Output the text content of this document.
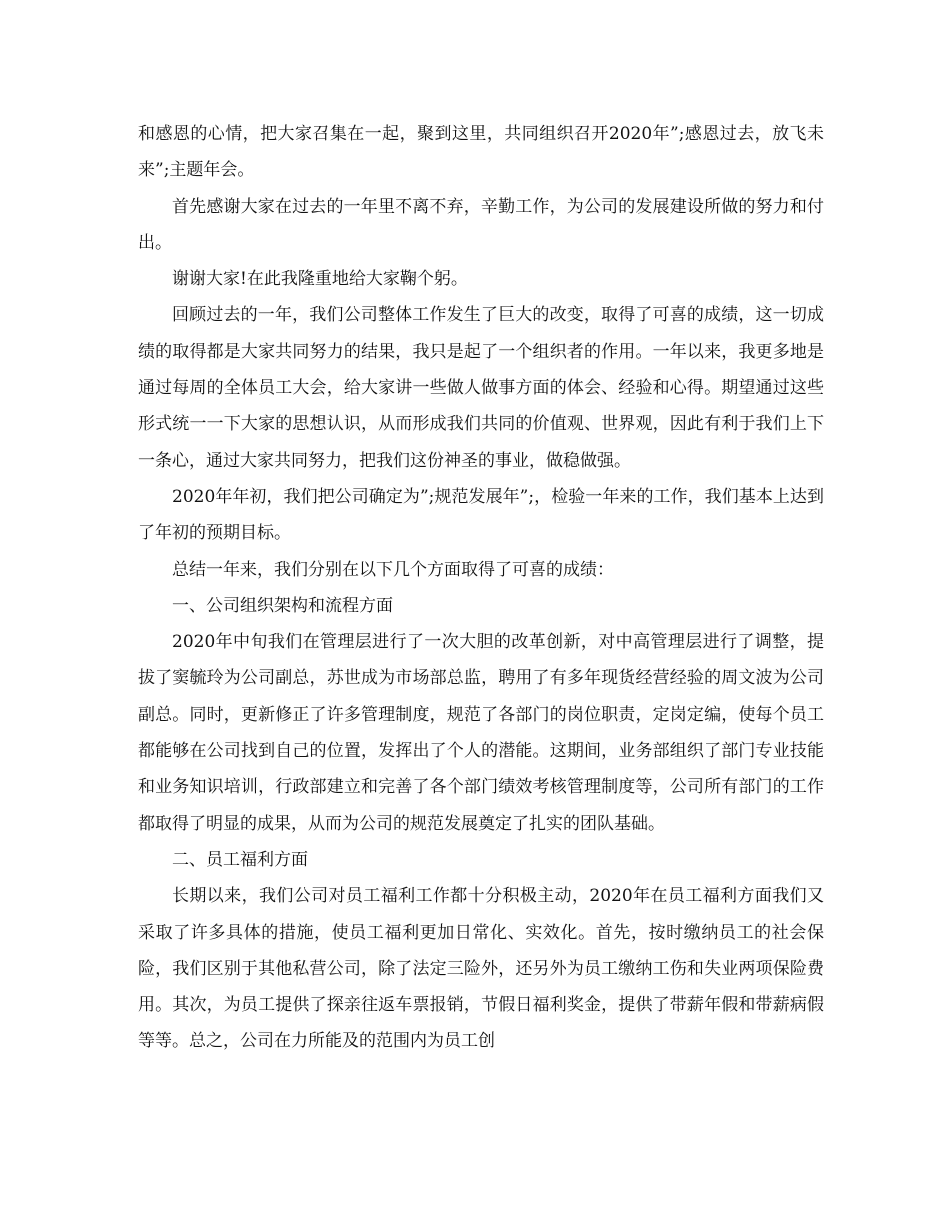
和感恩的心情，把大家召集在一起，聚到这里，共同组织召开2020年”;感恩过去，放飞未来”;主题年会。

首先感谢大家在过去的一年里不离不弃，辛勤工作，为公司的发展建设所做的努力和付出。

谢谢大家!在此我隆重地给大家鞠个躬。

回顾过去的一年，我们公司整体工作发生了巨大的改变，取得了可喜的成绩，这一切成绩的取得都是大家共同努力的结果，我只是起了一个组织者的作用。一年以来，我更多地是通过每周的全体员工大会，给大家讲一些做人做事方面的体会、经验和心得。期望通过这些形式统一一下大家的思想认识，从而形成我们共同的价值观、世界观，因此有利于我们上下一条心，通过大家共同努力，把我们这份神圣的事业，做稳做强。

2020年年初，我们把公司确定为”;规范发展年”;，检验一年来的工作，我们基本上达到了年初的预期目标。

总结一年来，我们分别在以下几个方面取得了可喜的成绩：

一、公司组织架构和流程方面

2020年中旬我们在管理层进行了一次大胆的改革创新，对中高管理层进行了调整，提拔了窦毓玲为公司副总，苏世成为市场部总监，聘用了有多年现货经营经验的周文波为公司副总。同时，更新修正了许多管理制度，规范了各部门的岗位职责，定岗定编，使每个员工都能够在公司找到自己的位置，发挥出了个人的潜能。这期间，业务部组织了部门专业技能和业务知识培训，行政部建立和完善了各个部门绩效考核管理制度等，公司所有部门的工作都取得了明显的成果，从而为公司的规范发展奠定了扎实的团队基础。

二、员工福利方面

长期以来，我们公司对员工福利工作都十分积极主动，2020年在员工福利方面我们又采取了许多具体的措施，使员工福利更加日常化、实效化。首先，按时缴纳员工的社会保险，我们区别于其他私营公司，除了法定三险外，还另外为员工缴纳工伤和失业两项保险费用。其次，为员工提供了探亲往返车票报销，节假日福利奖金，提供了带薪年假和带薪病假等等。总之，公司在力所能及的范围内为员工创
